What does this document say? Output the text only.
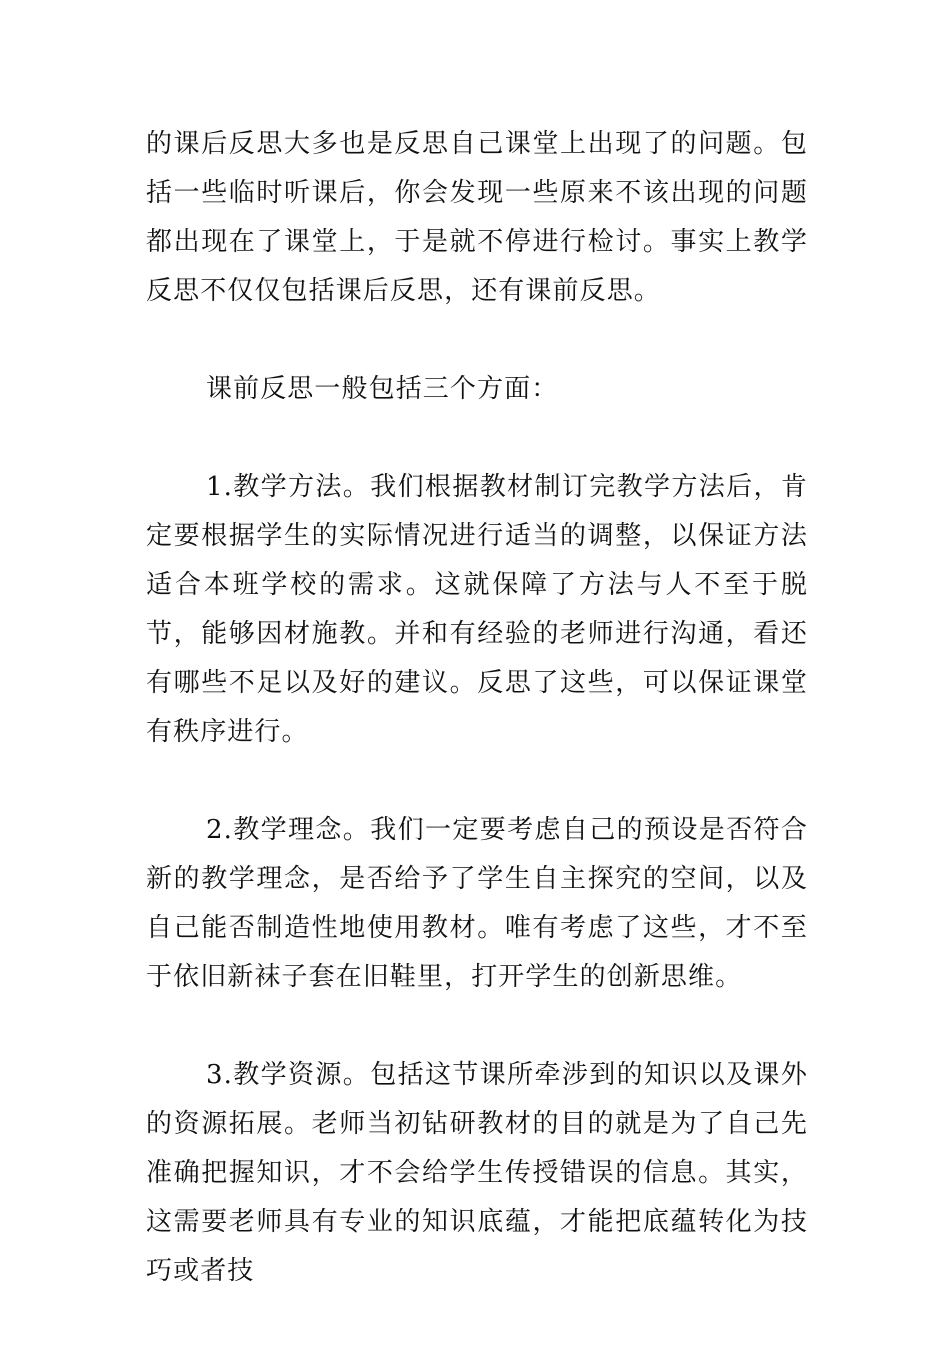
的课后反思大多也是反思自己课堂上出现了的问题。包括一些临时听课后，你会发现一些原来不该出现的问题都出现在了课堂上，于是就不停进行检讨。事实上教学反思不仅仅包括课后反思，还有课前反思。

课前反思一般包括三个方面：

1.教学方法。我们根据教材制订完教学方法后，肯定要根据学生的实际情况进行适当的调整，以保证方法适合本班学校的需求。这就保障了方法与人不至于脱节，能够因材施教。并和有经验的老师进行沟通，看还有哪些不足以及好的建议。反思了这些，可以保证课堂有秩序进行。

2.教学理念。我们一定要考虑自己的预设是否符合新的教学理念，是否给予了学生自主探究的空间，以及自己能否制造性地使用教材。唯有考虑了这些，才不至于依旧新袜子套在旧鞋里，打开学生的创新思维。

3.教学资源。包括这节课所牵涉到的知识以及课外的资源拓展。老师当初钻研教材的目的就是为了自己先准确把握知识，才不会给学生传授错误的信息。其实，这需要老师具有专业的知识底蕴，才能把底蕴转化为技巧或者技
